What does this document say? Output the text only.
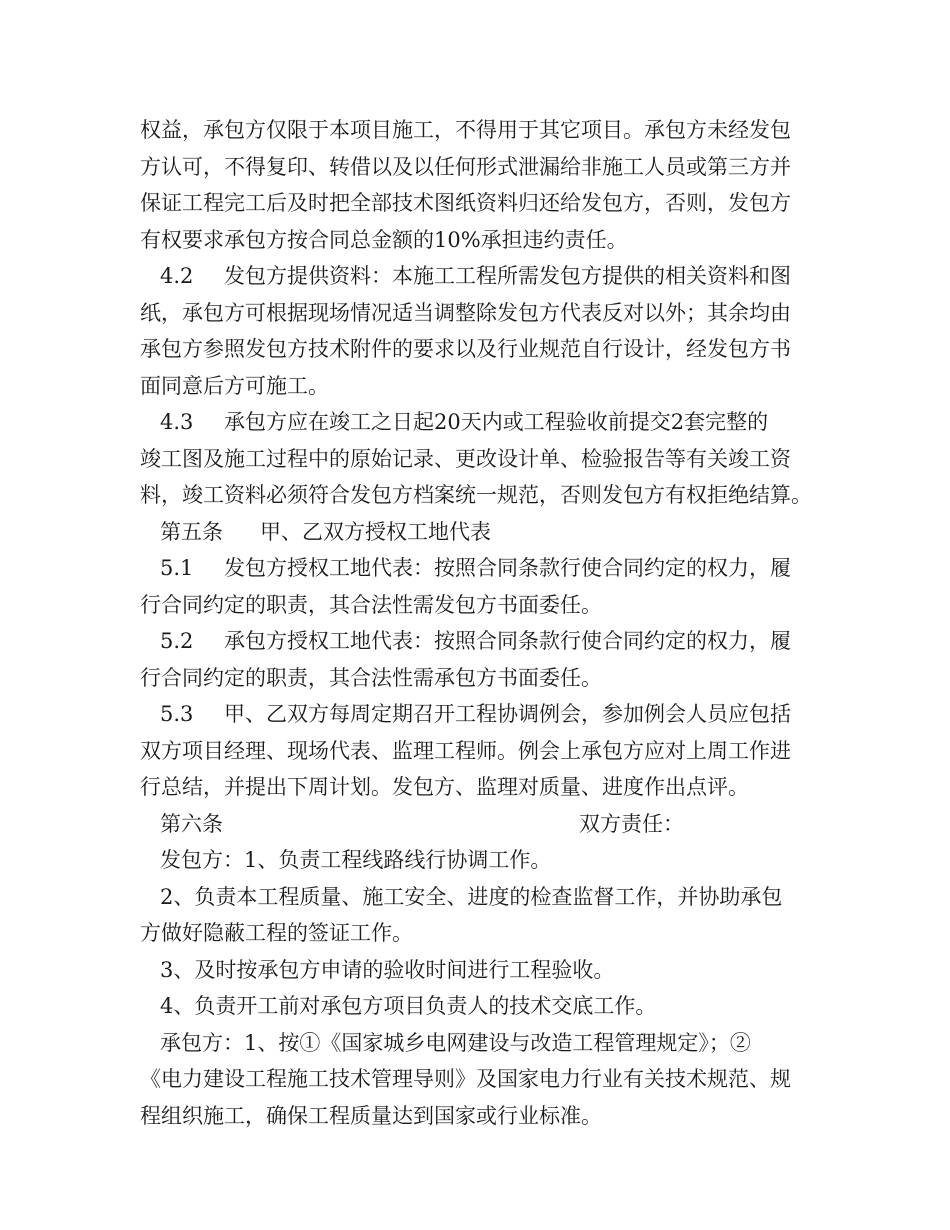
权益，承包方仅限于本项目施工，不得用于其它项目。承包方未经发包
方认可，不得复印、转借以及以任何形式泄漏给非施工人员或第三方并
保证工程完工后及时把全部技术图纸资料归还给发包方，否则，发包方
有权要求承包方按合同总金额的10%承担违约责任。
4.2 发包方提供资料：本施工工程所需发包方提供的相关资料和图
纸，承包方可根据现场情况适当调整除发包方代表反对以外；其余均由
承包方参照发包方技术附件的要求以及行业规范自行设计，经发包方书
面同意后方可施工。
4.3 承包方应在竣工之日起20天内或工程验收前提交2套完整的
竣工图及施工过程中的原始记录、更改设计单、检验报告等有关竣工资
料，竣工资料必须符合发包方档案统一规范，否则发包方有权拒绝结算。
第五条 甲、乙双方授权工地代表
5.1 发包方授权工地代表：按照合同条款行使合同约定的权力，履
行合同约定的职责，其合法性需发包方书面委任。
5.2 承包方授权工地代表：按照合同条款行使合同约定的权力，履
行合同约定的职责，其合法性需承包方书面委任。
5.3 甲、乙双方每周定期召开工程协调例会，参加例会人员应包括
双方项目经理、现场代表、监理工程师。例会上承包方应对上周工作进
行总结，并提出下周计划。发包方、监理对质量、进度作出点评。
第六条	双方责任：
发包方：1、负责工程线路线行协调工作。
2、负责本工程质量、施工安全、进度的检查监督工作，并协助承包
方做好隐蔽工程的签证工作。
3、及时按承包方申请的验收时间进行工程验收。
4、负责开工前对承包方项目负责人的技术交底工作。
承包方：1、按①《国家城乡电网建设与改造工程管理规定》；②
《电力建设工程施工技术管理导则》及国家电力行业有关技术规范、规
程组织施工，确保工程质量达到国家或行业标准。
